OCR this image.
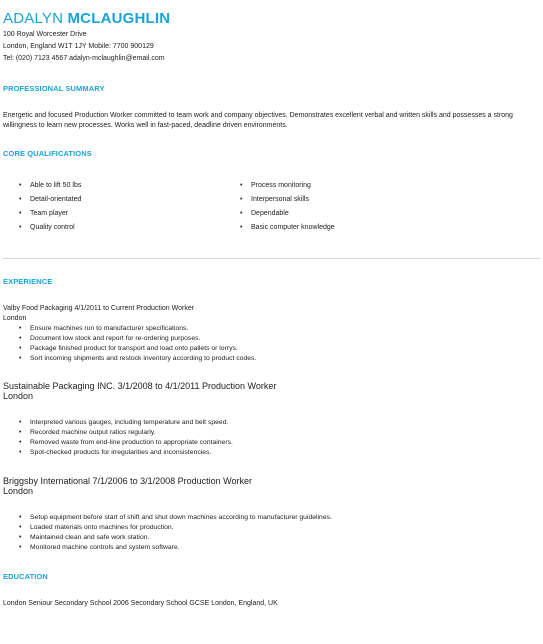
ADALYN MCLAUGHLIN
100 Royal Worcester Drive
London, England W1T 1JY Mobile: 7700 900129
Tel: (020) 7123 4567 adalyn-mclaughlin@email.com
PROFESSIONAL SUMMARY
Energetic and focused Production Worker committed to team work and company objectives. Demonstrates excellent verbal and written skills and possesses a strong willingness to learn new processes. Works well in fast-paced, deadline driven environments.
CORE QUALIFICATIONS
• Able to lift 50 lbs
• Detail-orientated
• Team player
• Quality control
• Process monitoring
• Interpersonal skills
• Dependable
• Basic computer knowledge
EXPERIENCE
Valby Food Packaging 4/1/2011 to Current Production Worker
London
• Ensure machines run to manufacturer specifications.
• Document low stock and report for re-ordering purposes.
• Package finished product for transport and load onto pallets or lorrys.
• Sort incoming shipments and restock inventory according to product codes.
Sustainable Packaging INC. 3/1/2008 to 4/1/2011 Production Worker
London
• Interpreted various gauges, including temperature and belt speed.
• Recorded machine output ratios regularly.
• Removed waste from end-line production to appropriate containers.
• Spot-checked products for irregularities and inconsistencies.
Briggsby International 7/1/2006 to 3/1/2008 Production Worker
London
• Setup equipment before start of shift and shut down machines according to manufacturer guidelines.
• Loaded materials onto machines for production.
• Maintained clean and safe work station.
• Monitored machine controls and system software.
EDUCATION
London Seniour Secondary School 2006 Secondary School GCSE London, England, UK
